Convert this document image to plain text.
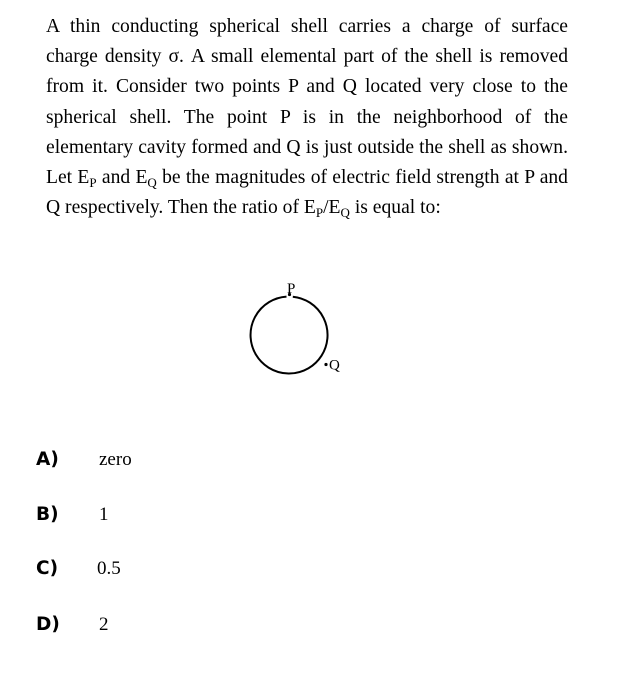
A thin conducting spherical shell carries a charge of surface charge density σ. A small elemental part of the shell is removed from it. Consider two points P and Q located very close to the spherical shell. The point P is in the neighborhood of the elementary cavity formed and Q is just outside the shell as shown. Let $E_P$ and $E_Q$ be the magnitudes of electric field strength at P and Q respectively. Then the ratio of $E_P/E_Q$ is equal to:

P
Q
A) zero
B) 1
C) 0.5
D) 2
